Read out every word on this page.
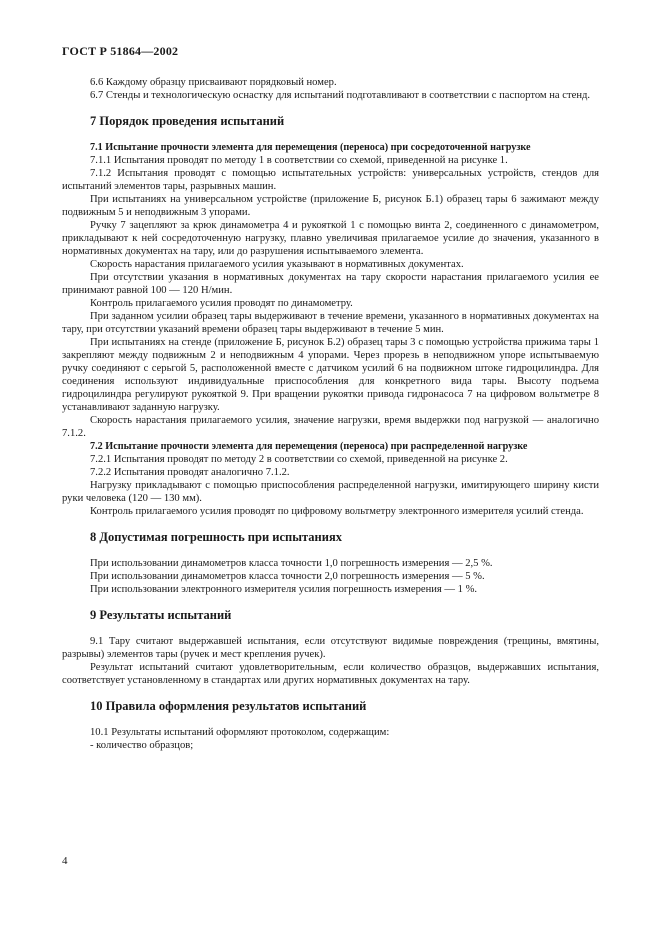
ГОСТ Р 51864—2002

6.6 Каждому образцу присваивают порядковый номер.

6.7 Стенды и технологическую оснастку для испытаний подготавливают в соответствии с паспортом на стенд.

7 Порядок проведения испытаний
7.1 Испытание прочности элемента для перемещения (переноса) при сосредоточенной нагрузке

7.1.1 Испытания проводят по методу 1 в соответствии со схемой, приведенной на рисунке 1.

7.1.2 Испытания проводят с помощью испытательных устройств: универсальных устройств, стендов для испытаний элементов тары, разрывных машин.

При испытаниях на универсальном устройстве (приложение Б, рисунок Б.1) образец тары 6 зажимают между подвижным 5 и неподвижным 3 упорами.

Ручку 7 зацепляют за крюк динамометра 4 и рукояткой 1 с помощью винта 2, соединенного с динамометром, прикладывают к ней сосредоточенную нагрузку, плавно увеличивая прилагаемое усилие до значения, указанного в нормативных документах на тару, или до разрушения испытываемого элемента.

Скорость нарастания прилагаемого усилия указывают в нормативных документах.

При отсутствии указания в нормативных документах на тару скорости нарастания прилагаемого усилия ее принимают равной 100 — 120 Н/мин.

Контроль прилагаемого усилия проводят по динамометру.

При заданном усилии образец тары выдерживают в течение времени, указанного в нормативных документах на тару, при отсутствии указаний времени образец тары выдерживают в течение 5 мин.

При испытаниях на стенде (приложение Б, рисунок Б.2) образец тары 3 с помощью устройства прижима тары 1 закрепляют между подвижным 2 и неподвижным 4 упорами. Через прорезь в неподвижном упоре испытываемую ручку соединяют с серьгой 5, расположенной вместе с датчиком усилий 6 на подвижном штоке гидроцилиндра. Для соединения используют индивидуальные приспособления для конкретного вида тары. Высоту подъема гидроцилиндра регулируют рукояткой 9. При вращении рукоятки привода гидронасоса 7 на цифровом вольтметре 8 устанавливают заданную нагрузку.

Скорость нарастания прилагаемого усилия, значение нагрузки, время выдержки под нагрузкой — аналогично 7.1.2.

7.2 Испытание прочности элемента для перемещения (переноса) при распределенной нагрузке

7.2.1 Испытания проводят по методу 2 в соответствии со схемой, приведенной на рисунке 2.

7.2.2 Испытания проводят аналогично 7.1.2.

Нагрузку прикладывают с помощью приспособления распределенной нагрузки, имитирующего ширину кисти руки человека (120 — 130 мм).

Контроль прилагаемого усилия проводят по цифровому вольтметру электронного измерителя усилий стенда.

8 Допустимая погрешность при испытаниях

При использовании динамометров класса точности 1,0 погрешность измерения — 2,5 %.

При использовании динамометров класса точности 2,0 погрешность измерения — 5 %.

При использовании электронного измерителя усилия погрешность измерения — 1 %.

9 Результаты испытаний

9.1 Тару считают выдержавшей испытания, если отсутствуют видимые повреждения (трещины, вмятины, разрывы) элементов тары (ручек и мест крепления ручек).

Результат испытаний считают удовлетворительным, если количество образцов, выдержавших испытания, соответствует установленному в стандартах или других нормативных документах на тару.

10 Правила оформления результатов испытаний

10.1 Результаты испытаний оформляют протоколом, содержащим:

- количество образцов;

4
